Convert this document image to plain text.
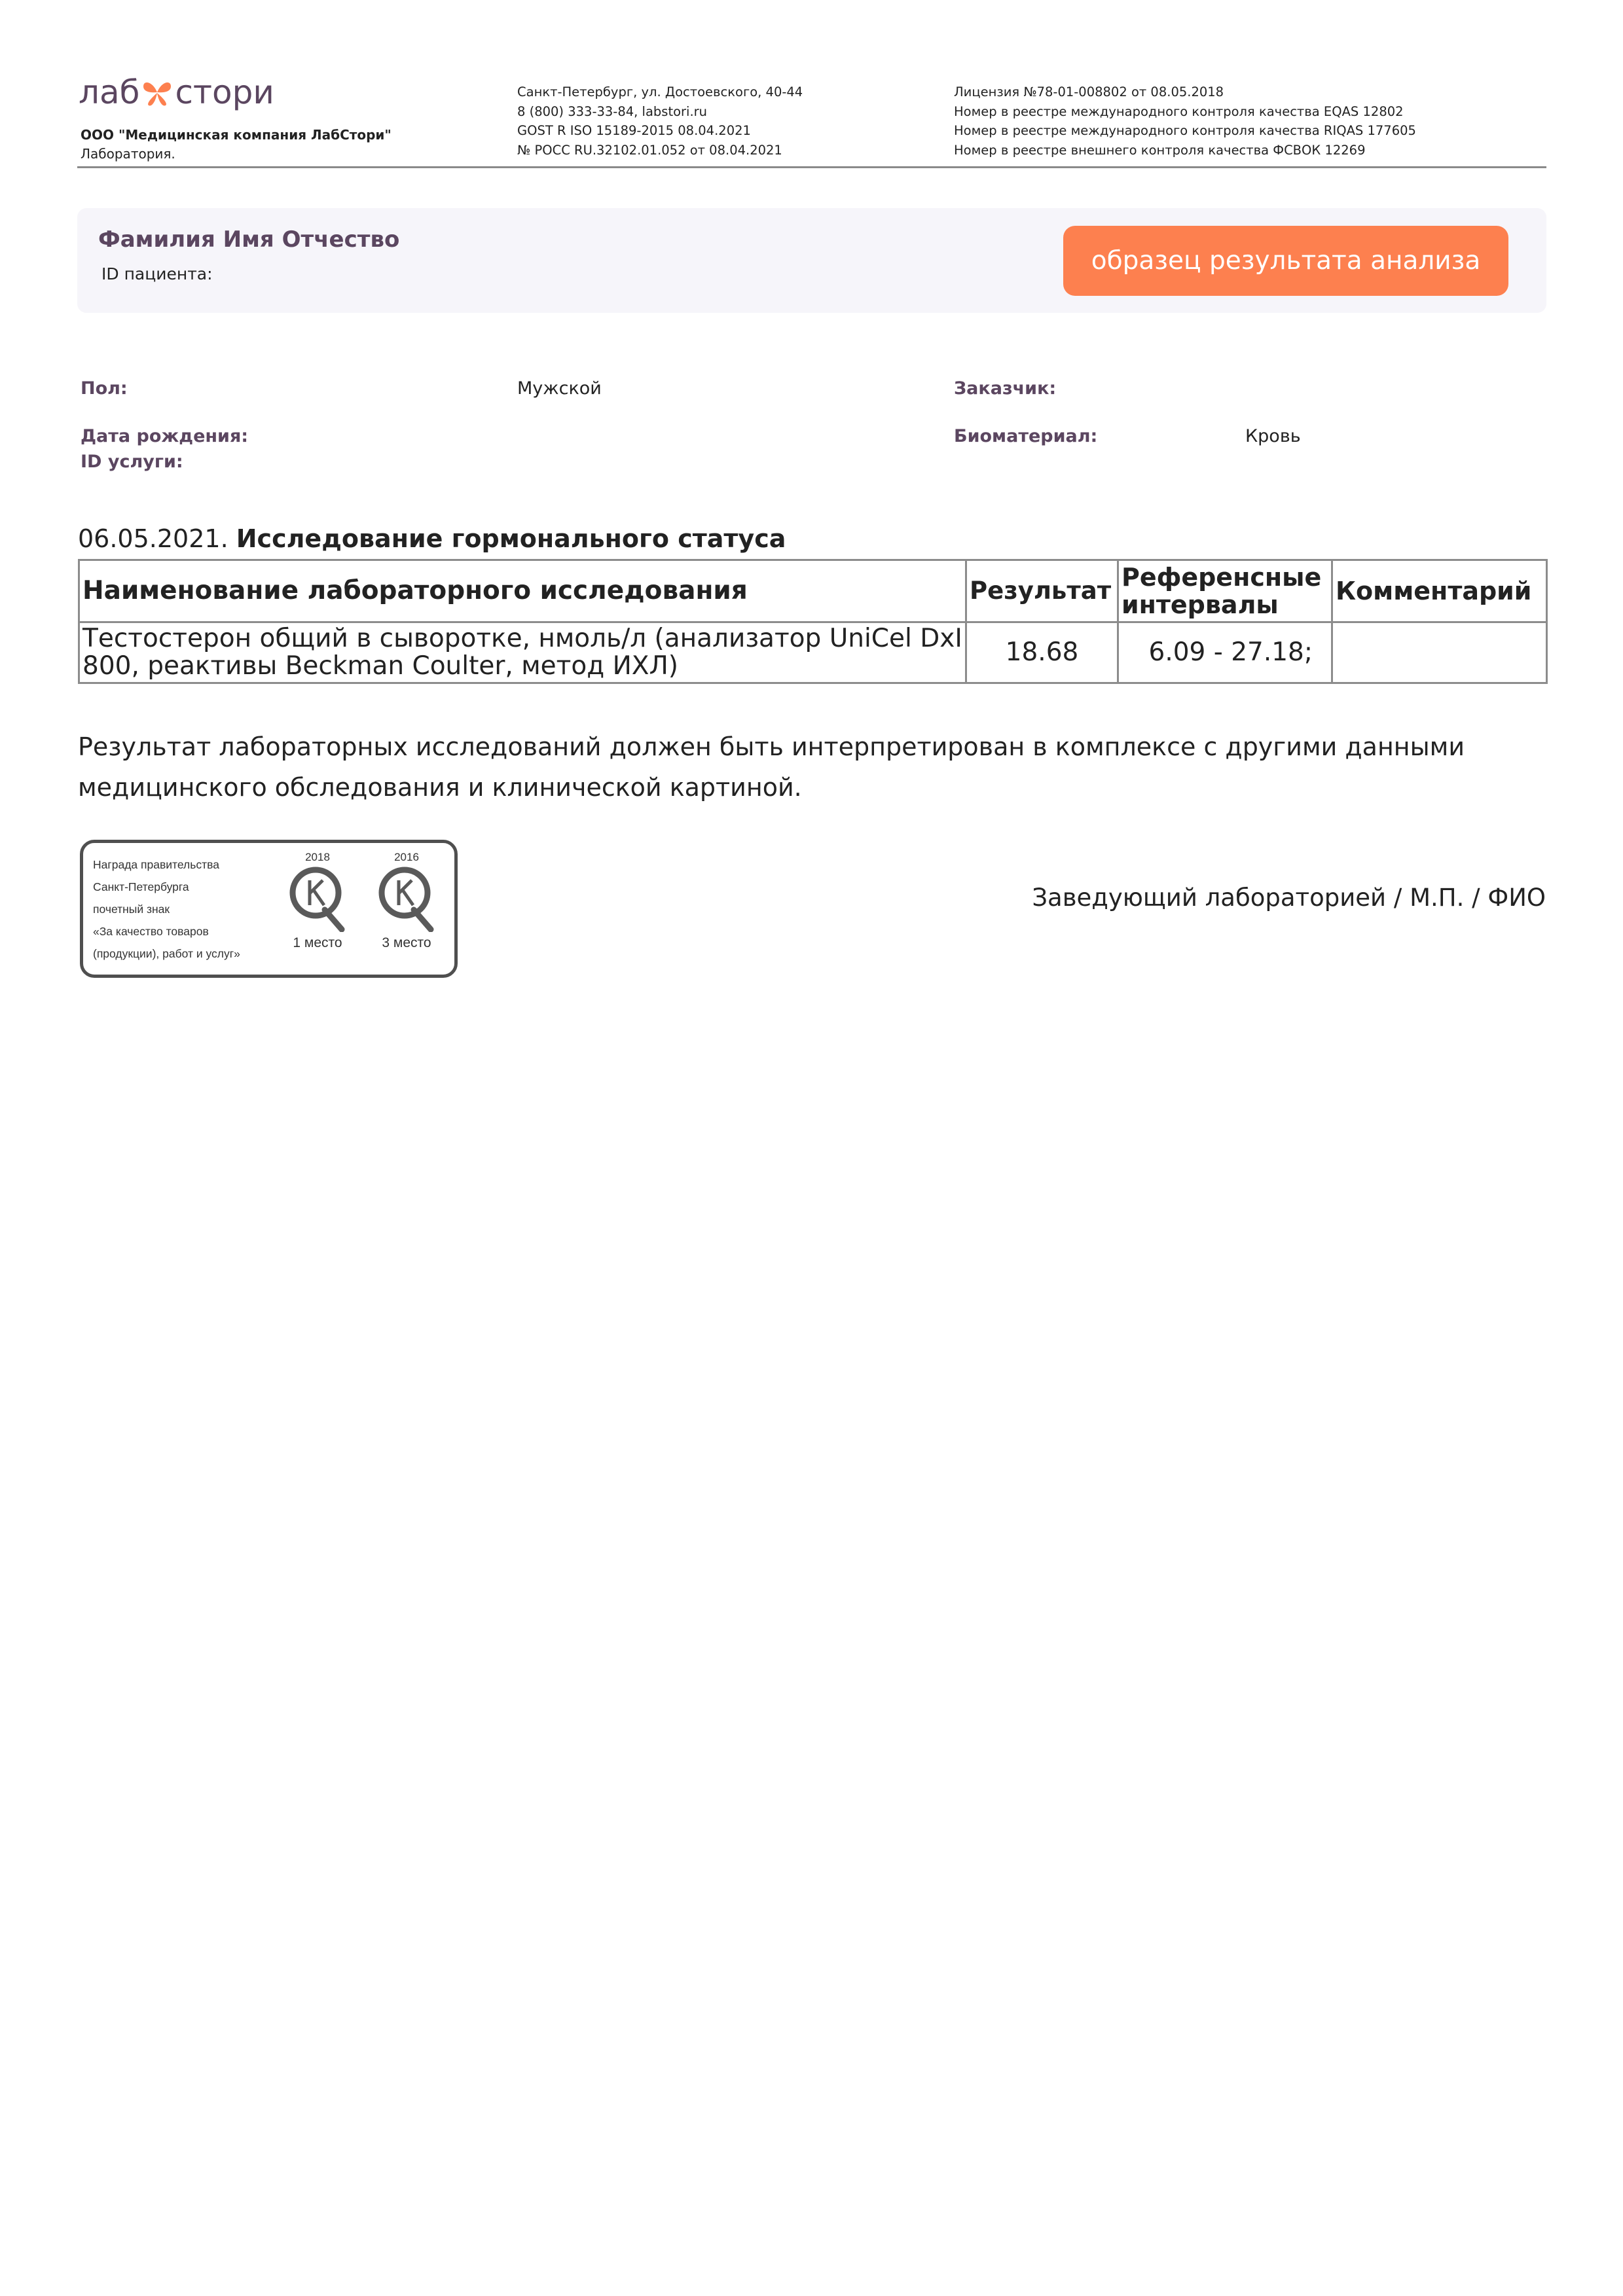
лаб стори
ООО "Медицинская компания ЛабСтори"
Лаборатория.
Санкт-Петербург, ул. Достоевского, 40-44
8 (800) 333-33-84, labstori.ru
GOST R ISO 15189-2015 08.04.2021
№ РОСС RU.32102.01.052 от 08.04.2021
Лицензия №78-01-008802 от 08.05.2018
Номер в реестре международного контроля качества EQAS 12802
Номер в реестре международного контроля качества RIQAS 177605
Номер в реестре внешнего контроля качества ФСВОК 12269
Фамилия Имя Отчество
ID пациента:	образец результата анализа
Пол:	Мужской	Заказчик:
Дата рождения:	Биоматериал:	Кровь
ID услуги:
06.05.2021. Исследование гормонального статуса
Наименование лабораторного исследования	Результат	Референсные интервалы	Комментарий
Тестостерон общий в сыворотке, нмоль/л (анализатор UniCel DxI 800, реактивы Beckman Coulter, метод ИХЛ)	18.68	6.09 - 27.18;	
Результат лабораторных исследований должен быть интерпретирован в комплексе с другими данными медицинского обследования и клинической картиной.
Награда правительства
Санкт-Петербурга
почетный знак
«За качество товаров
(продукции), работ и услуг»
2018
1 место
2016
3 место
Заведующий лабораторией / М.П. / ФИО
